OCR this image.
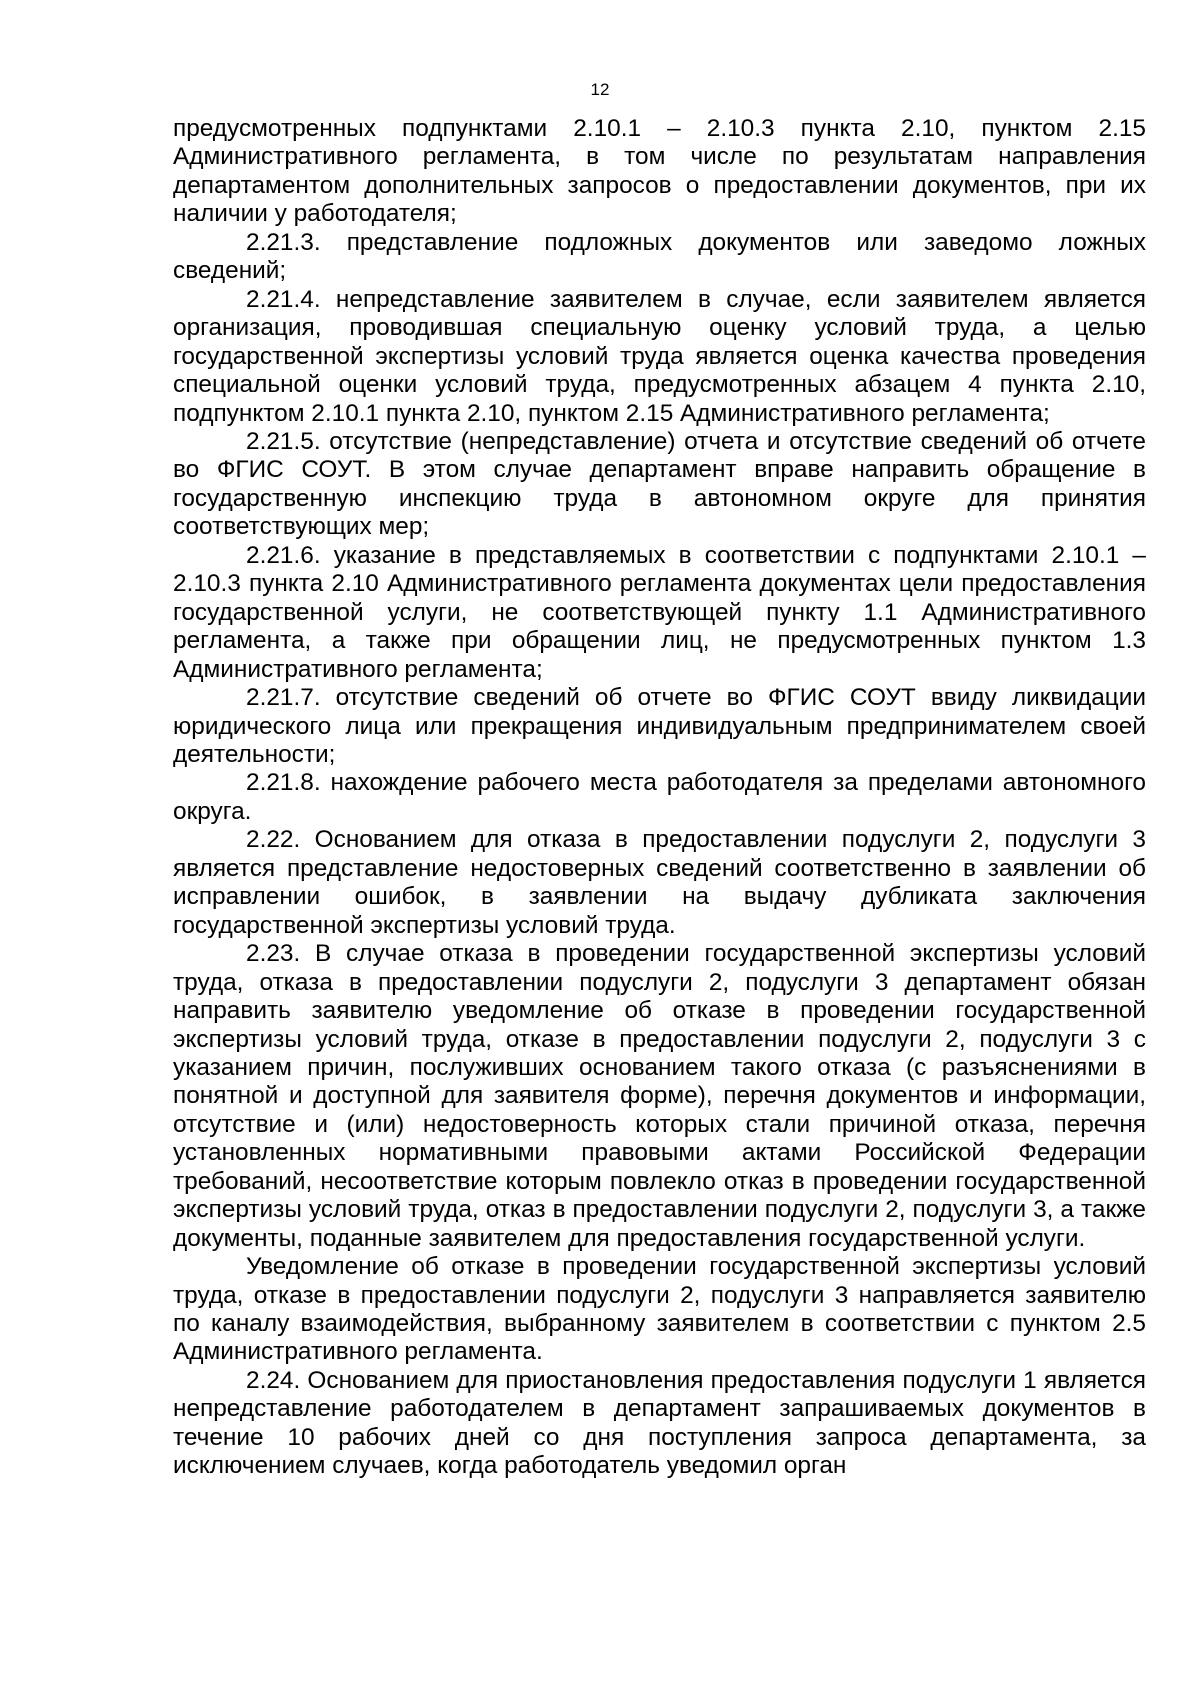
12

предусмотренных подпунктами 2.10.1 – 2.10.3 пункта 2.10, пунктом 2.15 Административного регламента, в том числе по результатам направления департаментом дополнительных запросов о предоставлении документов, при их наличии у работодателя;

2.21.3. представление подложных документов или заведомо ложных сведений;

2.21.4. непредставление заявителем в случае, если заявителем является организация, проводившая специальную оценку условий труда, а целью государственной экспертизы условий труда является оценка качества проведения специальной оценки условий труда, предусмотренных абзацем 4 пункта 2.10, подпунктом 2.10.1 пункта 2.10, пунктом 2.15 Административного регламента;

2.21.5. отсутствие (непредставление) отчета и отсутствие сведений об отчете во ФГИС СОУТ. В этом случае департамент вправе направить обращение в государственную инспекцию труда в автономном округе для принятия соответствующих мер;

2.21.6. указание в представляемых в соответствии с подпунктами 2.10.1 – 2.10.3 пункта 2.10 Административного регламента документах цели предоставления государственной услуги, не соответствующей пункту 1.1 Административного регламента, а также при обращении лиц, не предусмотренных пунктом 1.3 Административного регламента;

2.21.7. отсутствие сведений об отчете во ФГИС СОУТ ввиду ликвидации юридического лица или прекращения индивидуальным предпринимателем своей деятельности;

2.21.8. нахождение рабочего места работодателя за пределами автономного округа.

2.22. Основанием для отказа в предоставлении подуслуги 2, подуслуги 3 является представление недостоверных сведений соответственно в заявлении об исправлении ошибок, в заявлении на выдачу дубликата заключения государственной экспертизы условий труда.

2.23. В случае отказа в проведении государственной экспертизы условий труда, отказа в предоставлении подуслуги 2, подуслуги 3 департамент обязан направить заявителю уведомление об отказе в проведении государственной экспертизы условий труда, отказе в предоставлении подуслуги 2, подуслуги 3 с указанием причин, послуживших основанием такого отказа (с разъяснениями в понятной и доступной для заявителя форме), перечня документов и информации, отсутствие и (или) недостоверность которых стали причиной отказа, перечня установленных нормативными правовыми актами Российской Федерации требований, несоответствие которым повлекло отказ в проведении государственной экспертизы условий труда, отказ в предоставлении подуслуги 2, подуслуги 3, а также документы, поданные заявителем для предоставления государственной услуги.

Уведомление об отказе в проведении государственной экспертизы условий труда, отказе в предоставлении подуслуги 2, подуслуги 3 направляется заявителю по каналу взаимодействия, выбранному заявителем в соответствии с пунктом 2.5 Административного регламента.

2.24. Основанием для приостановления предоставления подуслуги 1 является непредставление работодателем в департамент запрашиваемых документов в течение 10 рабочих дней со дня поступления запроса департамента, за исключением случаев, когда работодатель уведомил орган
